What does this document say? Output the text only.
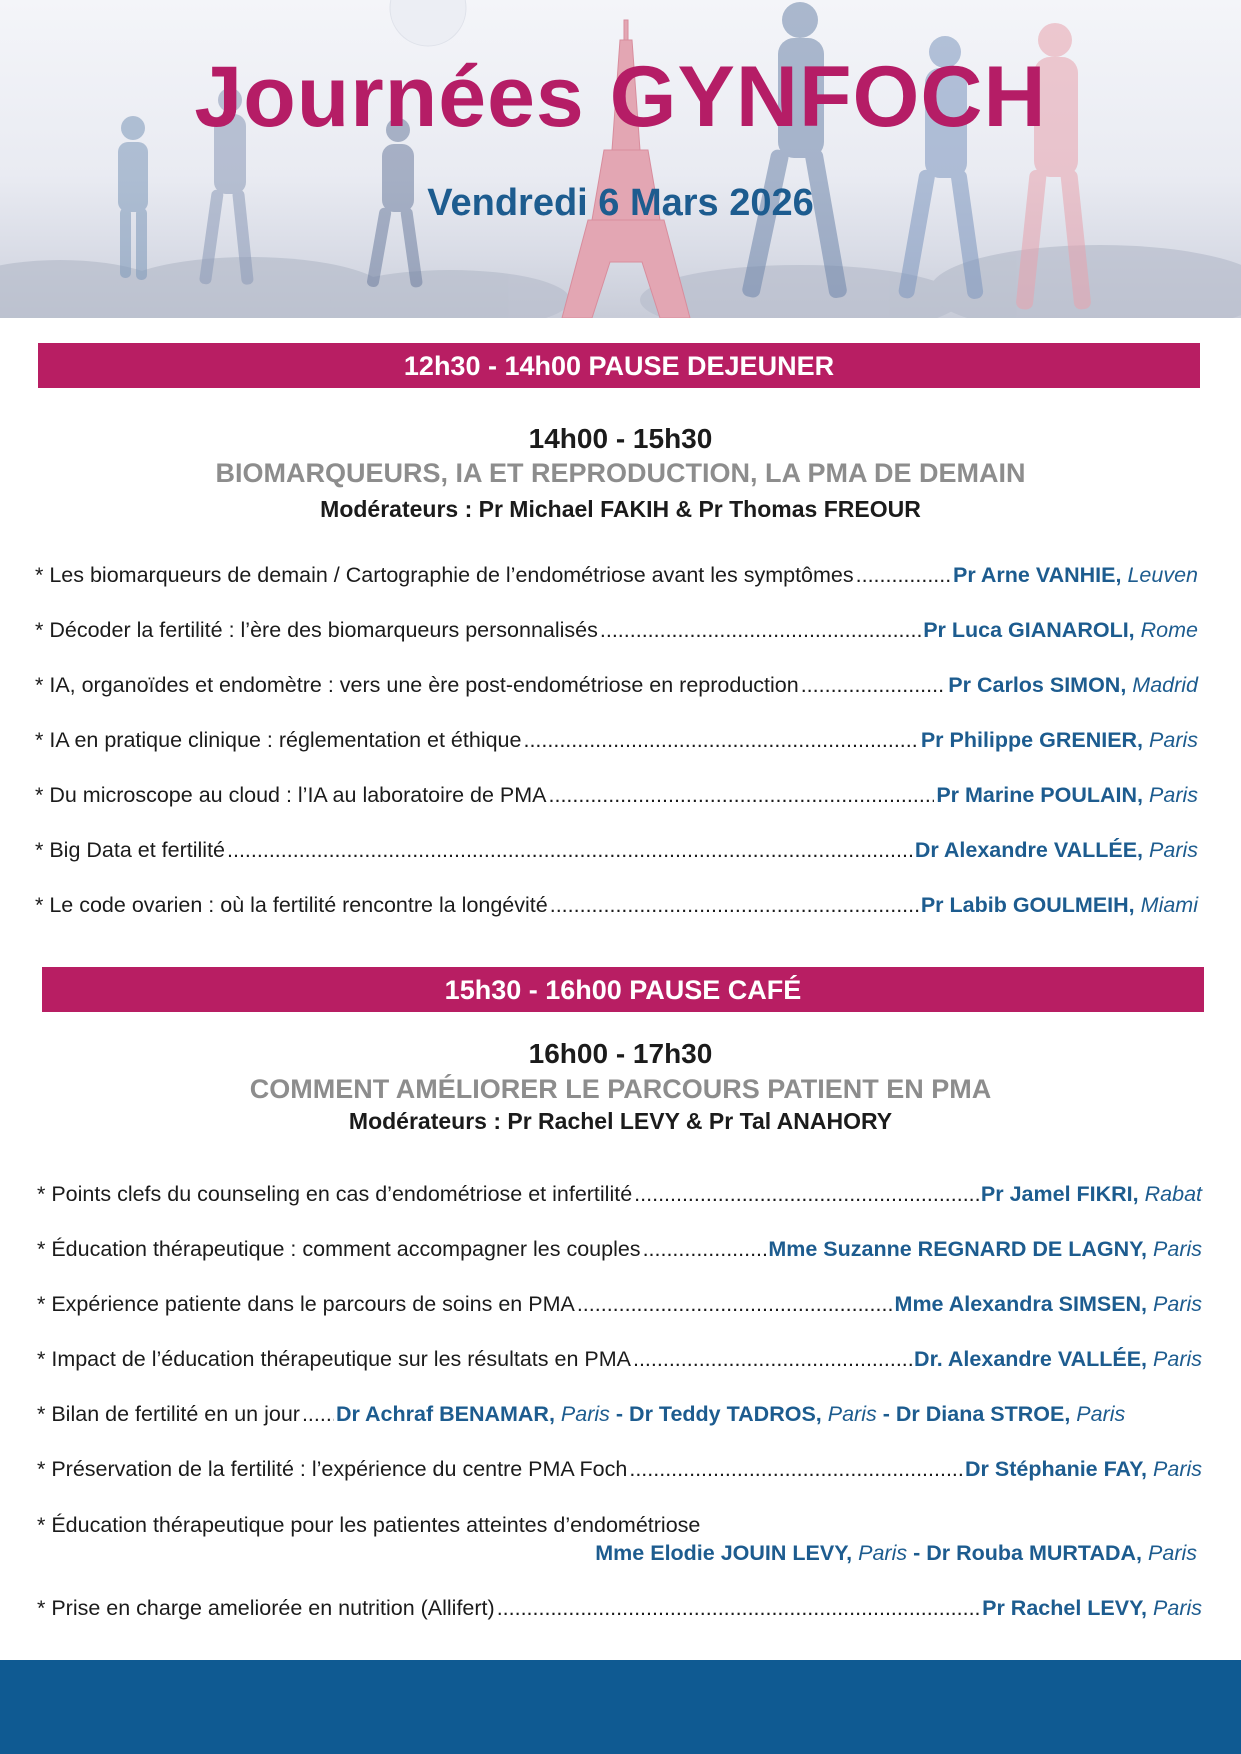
Journées GYNFOCH
Vendredi 6 Mars 2026
12h30 - 14h00 PAUSE DEJEUNER
14h00 - 15h30
BIOMARQUEURS, IA ET REPRODUCTION, LA PMA DE DEMAIN
Modérateurs : Pr Michael FAKIH & Pr Thomas FREOUR
* Les biomarqueurs de demain / Cartographie de l’endométriose avant les symptômes .....	Pr Arne VANHIE, Leuven
* Décoder la fertilité : l’ère des biomarqueurs personnalisés .....	Pr Luca GIANAROLI, Rome
* IA, organoïdes et endomètre : vers une ère post-endométriose en reproduction .....	Pr Carlos SIMON, Madrid
* IA en pratique clinique : réglementation et éthique .....	Pr Philippe GRENIER, Paris
* Du microscope au cloud : l’IA au laboratoire de PMA .....	Pr Marine POULAIN, Paris
* Big Data et fertilité .....	Dr Alexandre VALLÉE, Paris
* Le code ovarien : où la fertilité rencontre la longévité .....	Pr Labib GOULMEIH, Miami
15h30 - 16h00 PAUSE CAFÉ
16h00 - 17h30
COMMENT AMÉLIORER LE PARCOURS PATIENT EN PMA
Modérateurs : Pr Rachel LEVY & Pr Tal ANAHORY
* Points clefs du counseling en cas d’endométriose et infertilité .....	Pr Jamel FIKRI, Rabat
* Éducation thérapeutique : comment accompagner les couples .....	Mme Suzanne REGNARD DE LAGNY, Paris
* Expérience patiente dans le parcours de soins en PMA .....	Mme Alexandra SIMSEN, Paris
* Impact de l’éducation thérapeutique sur les résultats en PMA .....	Dr. Alexandre VALLÉE, Paris
* Bilan de fertilité en un jour ..... Dr Achraf BENAMAR, Paris - Dr Teddy TADROS, Paris - Dr Diana STROE, Paris
* Préservation de la fertilité : l’expérience du centre PMA Foch .....	Dr Stéphanie FAY, Paris
* Éducation thérapeutique pour les patientes atteintes d’endométriose
Mme Elodie JOUIN LEVY, Paris - Dr Rouba MURTADA, Paris
* Prise en charge ameliorée en nutrition (Allifert) .....	Pr Rachel LEVY, Paris
